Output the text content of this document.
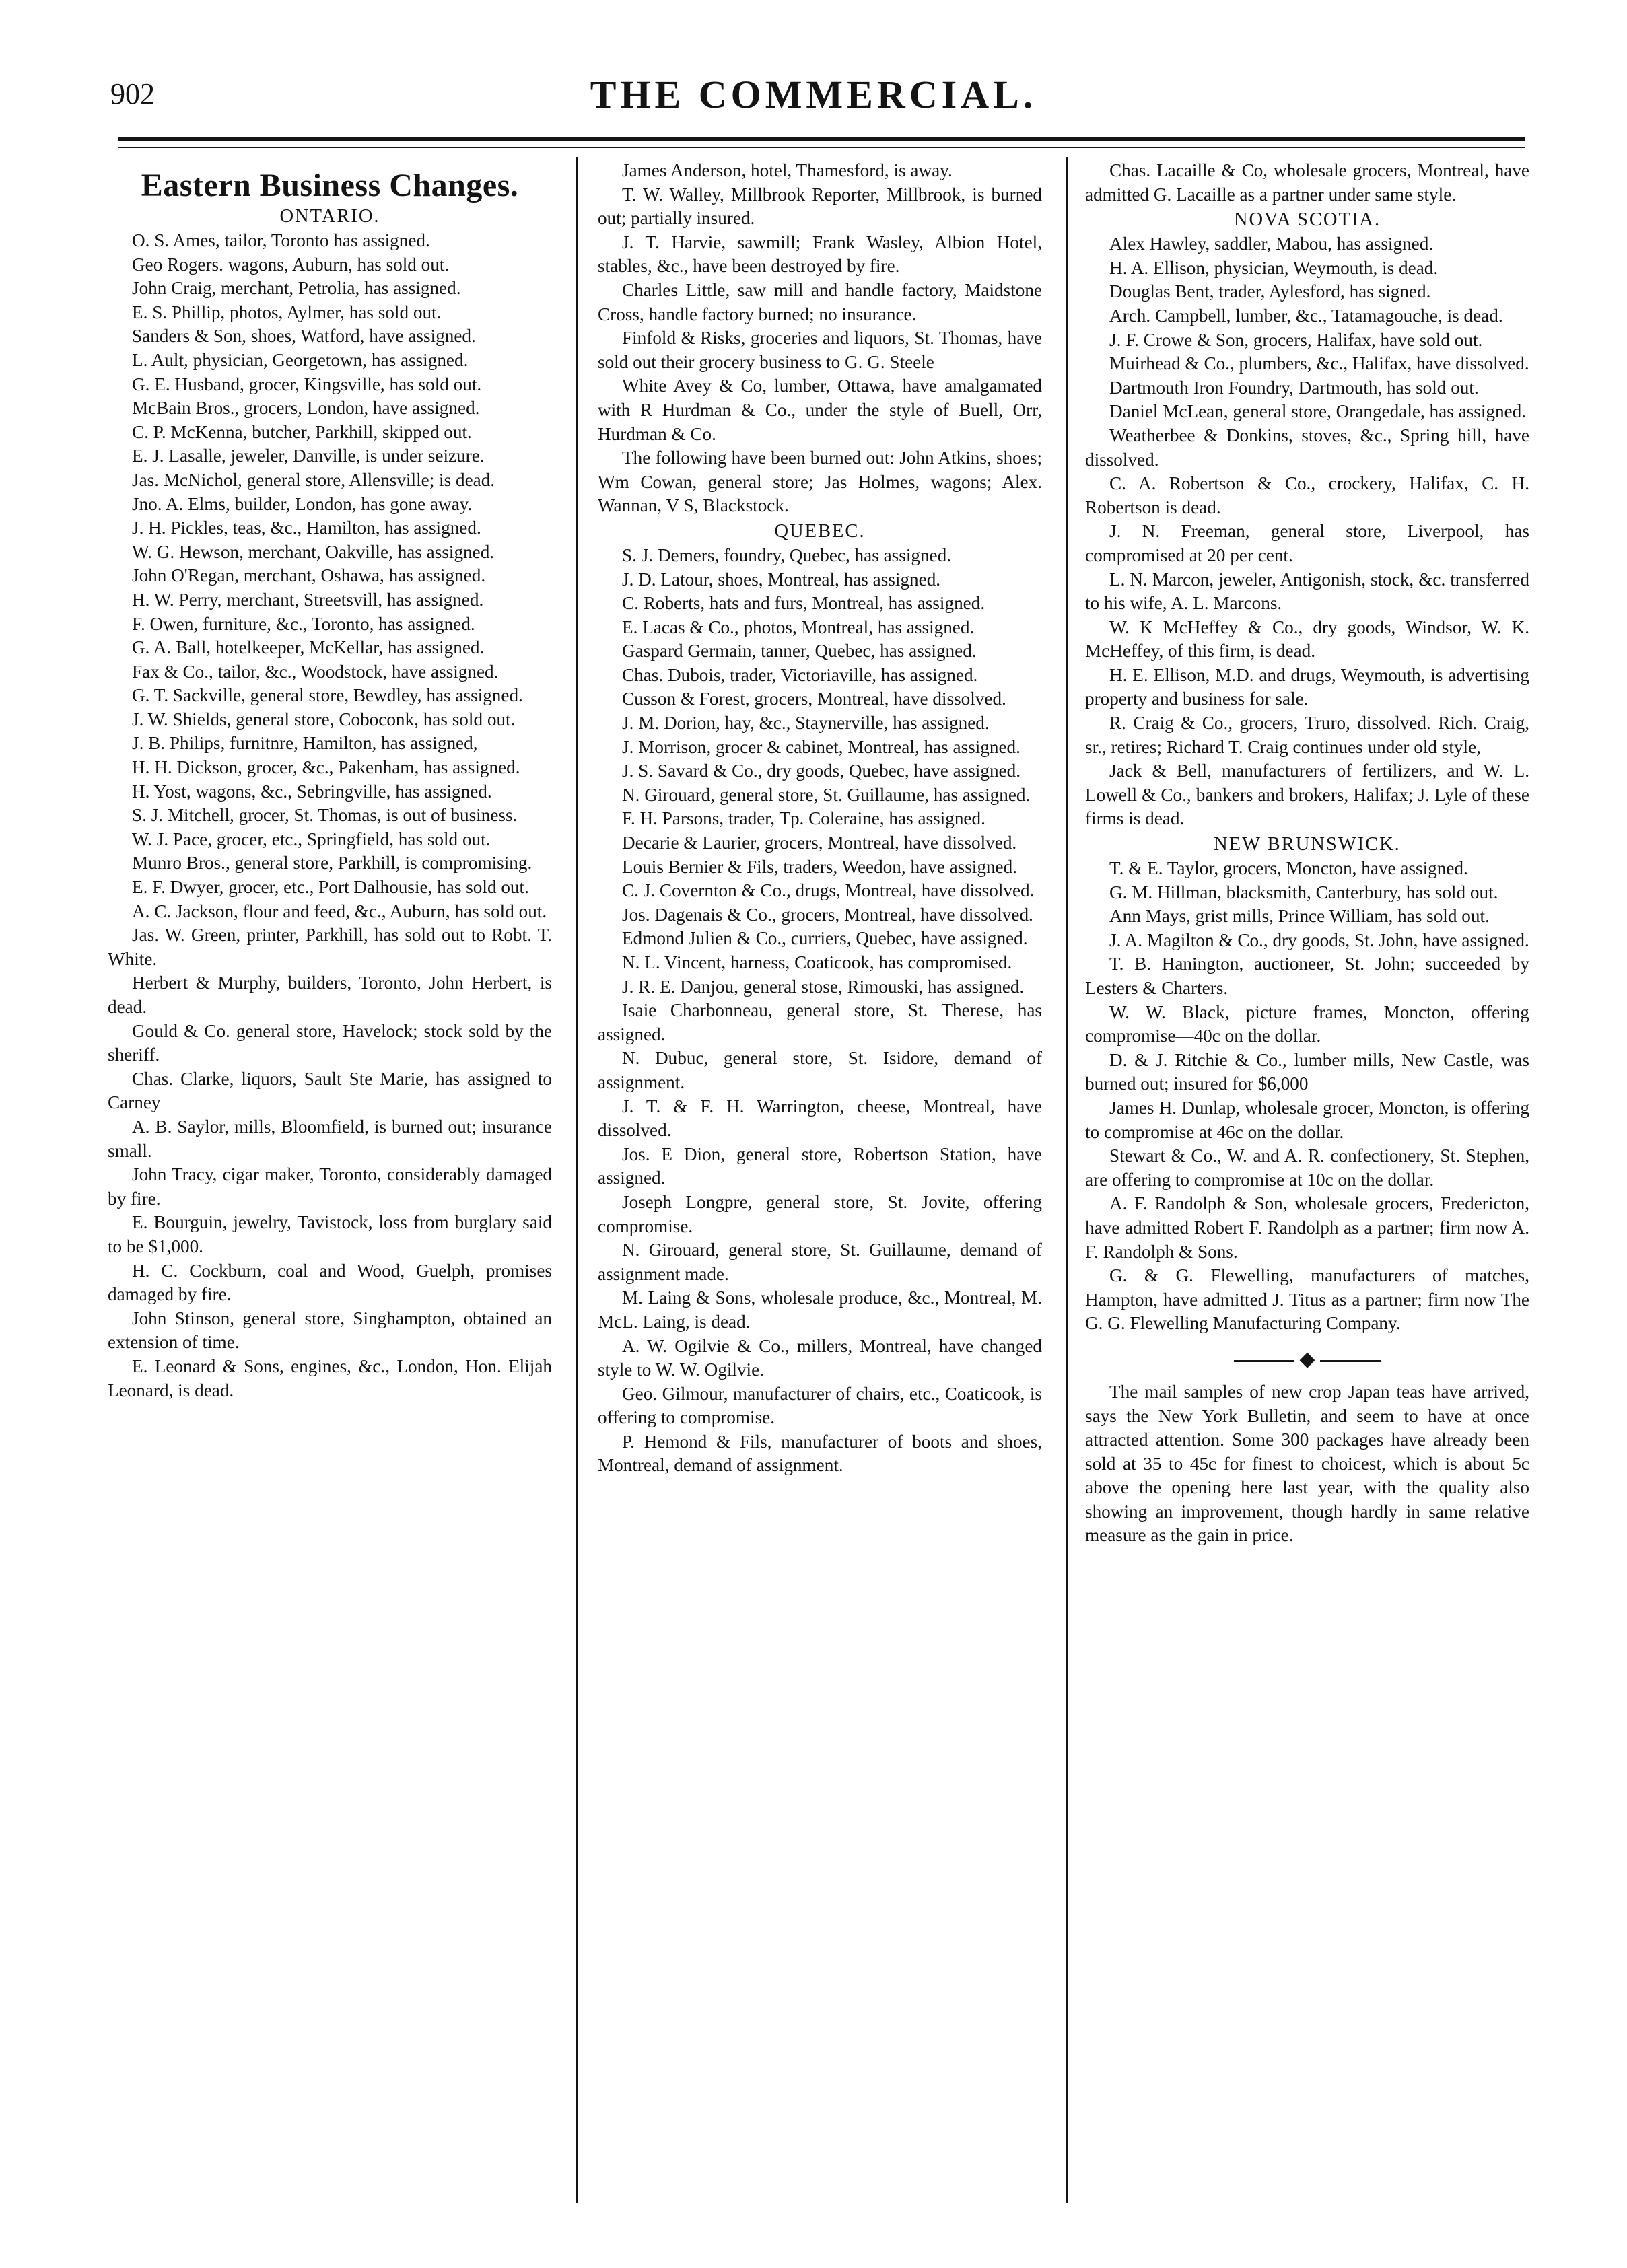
902	THE COMMERCIAL.
Eastern Business Changes.
ONTARIO.

O. S. Ames, tailor, Toronto has assigned.

Geo Rogers. wagons, Auburn, has sold out.

John Craig, merchant, Petrolia, has assigned.

E. S. Phillip, photos, Aylmer, has sold out.

Sanders & Son, shoes, Watford, have assigned.

L. Ault, physician, Georgetown, has assigned.

G. E. Husband, grocer, Kingsville, has sold out.

McBain Bros., grocers, London, have assigned.

C. P. McKenna, butcher, Parkhill, skipped out.

E. J. Lasalle, jeweler, Danville, is under seizure.

Jas. McNichol, general store, Allensville; is dead.

Jno. A. Elms, builder, London, has gone away.

J. H. Pickles, teas, &c., Hamilton, has assigned.

W. G. Hewson, merchant, Oakville, has assigned.

John O'Regan, merchant, Oshawa, has assigned.

H. W. Perry, merchant, Streetsvill, has assigned.

F. Owen, furniture, &c., Toronto, has assigned.

G. A. Ball, hotelkeeper, McKellar, has assigned.

Fax & Co., tailor, &c., Woodstock, have assigned.

G. T. Sackville, general store, Bewdley, has assigned.

J. W. Shields, general store, Coboconk, has sold out.

J. B. Philips, furnitnre, Hamilton, has assigned,

H. H. Dickson, grocer, &c., Pakenham, has assigned.

H. Yost, wagons, &c., Sebringville, has assigned.

S. J. Mitchell, grocer, St. Thomas, is out of business.

W. J. Pace, grocer, etc., Springfield, has sold out.

Munro Bros., general store, Parkhill, is compromising.

E. F. Dwyer, grocer, etc., Port Dalhousie, has sold out.

A. C. Jackson, flour and feed, &c., Auburn, has sold out.

Jas. W. Green, printer, Parkhill, has sold out to Robt. T. White.

Herbert & Murphy, builders, Toronto, John Herbert, is dead.

Gould & Co. general store, Havelock; stock sold by the sheriff.

Chas. Clarke, liquors, Sault Ste Marie, has assigned to Carney

A. B. Saylor, mills, Bloomfield, is burned out; insurance small.

John Tracy, cigar maker, Toronto, considerably damaged by fire.

E. Bourguin, jewelry, Tavistock, loss from burglary said to be $1,000.

H. C. Cockburn, coal and Wood, Guelph, promises damaged by fire.

John Stinson, general store, Singhampton, obtained an extension of time.

E. Leonard & Sons, engines, &c., London, Hon. Elijah Leonard, is dead.

James Anderson, hotel, Thamesford, is away.

T. W. Walley, Millbrook Reporter, Millbrook, is burned out; partially insured.

J. T. Harvie, sawmill; Frank Wasley, Albion Hotel, stables, &c., have been destroyed by fire.

Charles Little, saw mill and handle factory, Maidstone Cross, handle factory burned; no insurance.

Finfold & Risks, groceries and liquors, St. Thomas, have sold out their grocery business to G. G. Steele

White Avey & Co, lumber, Ottawa, have amalgamated with R Hurdman & Co., under the style of Buell, Orr, Hurdman & Co.

The following have been burned out: John Atkins, shoes; Wm Cowan, general store; Jas Holmes, wagons; Alex. Wannan, V S, Blackstock.

QUEBEC.

S. J. Demers, foundry, Quebec, has assigned.

J. D. Latour, shoes, Montreal, has assigned.

C. Roberts, hats and furs, Montreal, has assigned.

E. Lacas & Co., photos, Montreal, has assigned.

Gaspard Germain, tanner, Quebec, has assigned.

Chas. Dubois, trader, Victoriaville, has assigned.

Cusson & Forest, grocers, Montreal, have dissolved.

J. M. Dorion, hay, &c., Staynerville, has assigned.

J. Morrison, grocer & cabinet, Montreal, has assigned.

J. S. Savard & Co., dry goods, Quebec, have assigned.

N. Girouard, general store, St. Guillaume, has assigned.

F. H. Parsons, trader, Tp. Coleraine, has assigned.

Decarie & Laurier, grocers, Montreal, have dissolved.

Louis Bernier & Fils, traders, Weedon, have assigned.

C. J. Covernton & Co., drugs, Montreal, have dissolved.

Jos. Dagenais & Co., grocers, Montreal, have dissolved.

Edmond Julien & Co., curriers, Quebec, have assigned.

N. L. Vincent, harness, Coaticook, has compromised.

J. R. E. Danjou, general stose, Rimouski, has assigned.

Isaie Charbonneau, general store, St. Therese, has assigned.

N. Dubuc, general store, St. Isidore, demand of assignment.

J. T. & F. H. Warrington, cheese, Montreal, have dissolved.

Jos. E Dion, general store, Robertson Station, have assigned.

Joseph Longpre, general store, St. Jovite, offering compromise.

N. Girouard, general store, St. Guillaume, demand of assignment made.

M. Laing & Sons, wholesale produce, &c., Montreal, M. McL. Laing, is dead.

A. W. Ogilvie & Co., millers, Montreal, have changed style to W. W. Ogilvie.

Geo. Gilmour, manufacturer of chairs, etc., Coaticook, is offering to compromise.

P. Hemond & Fils, manufacturer of boots and shoes, Montreal, demand of assignment.

Chas. Lacaille & Co, wholesale grocers, Montreal, have admitted G. Lacaille as a partner under same style.

NOVA SCOTIA.

Alex Hawley, saddler, Mabou, has assigned.

H. A. Ellison, physician, Weymouth, is dead.

Douglas Bent, trader, Aylesford, has signed.

Arch. Campbell, lumber, &c., Tatamagouche, is dead.

J. F. Crowe & Son, grocers, Halifax, have sold out.

Muirhead & Co., plumbers, &c., Halifax, have dissolved.

Dartmouth Iron Foundry, Dartmouth, has sold out.

Daniel McLean, general store, Orangedale, has assigned.

Weatherbee & Donkins, stoves, &c., Spring hill, have dissolved.

C. A. Robertson & Co., crockery, Halifax, C. H. Robertson is dead.

J. N. Freeman, general store, Liverpool, has compromised at 20 per cent.

L. N. Marcon, jeweler, Antigonish, stock, &c. transferred to his wife, A. L. Marcons.

W. K McHeffey & Co., dry goods, Windsor, W. K. McHeffey, of this firm, is dead.

H. E. Ellison, M.D. and drugs, Weymouth, is advertising property and business for sale.

R. Craig & Co., grocers, Truro, dissolved. Rich. Craig, sr., retires; Richard T. Craig continues under old style,

Jack & Bell, manufacturers of fertilizers, and W. L. Lowell & Co., bankers and brokers, Halifax; J. Lyle of these firms is dead.

NEW BRUNSWICK.

T. & E. Taylor, grocers, Moncton, have assigned.

G. M. Hillman, blacksmith, Canterbury, has sold out.

Ann Mays, grist mills, Prince William, has sold out.

J. A. Magilton & Co., dry goods, St. John, have assigned.

T. B. Hanington, auctioneer, St. John; succeeded by Lesters & Charters.

W. W. Black, picture frames, Moncton, offering compromise—40c on the dollar.

D. & J. Ritchie & Co., lumber mills, New Castle, was burned out; insured for $6,000

James H. Dunlap, wholesale grocer, Moncton, is offering to compromise at 46c on the dollar.

Stewart & Co., W. and A. R. confectionery, St. Stephen, are offering to compromise at 10c on the dollar.

A. F. Randolph & Son, wholesale grocers, Fredericton, have admitted Robert F. Randolph as a partner; firm now A. F. Randolph & Sons.

G. & G. Flewelling, manufacturers of matches, Hampton, have admitted J. Titus as a partner; firm now The G. G. Flewelling Manufacturing Company.

◆

The mail samples of new crop Japan teas have arrived, says the New York Bulletin, and seem to have at once attracted attention. Some 300 packages have already been sold at 35 to 45c for finest to choicest, which is about 5c above the opening here last year, with the quality also showing an improvement, though hardly in same relative measure as the gain in price.
